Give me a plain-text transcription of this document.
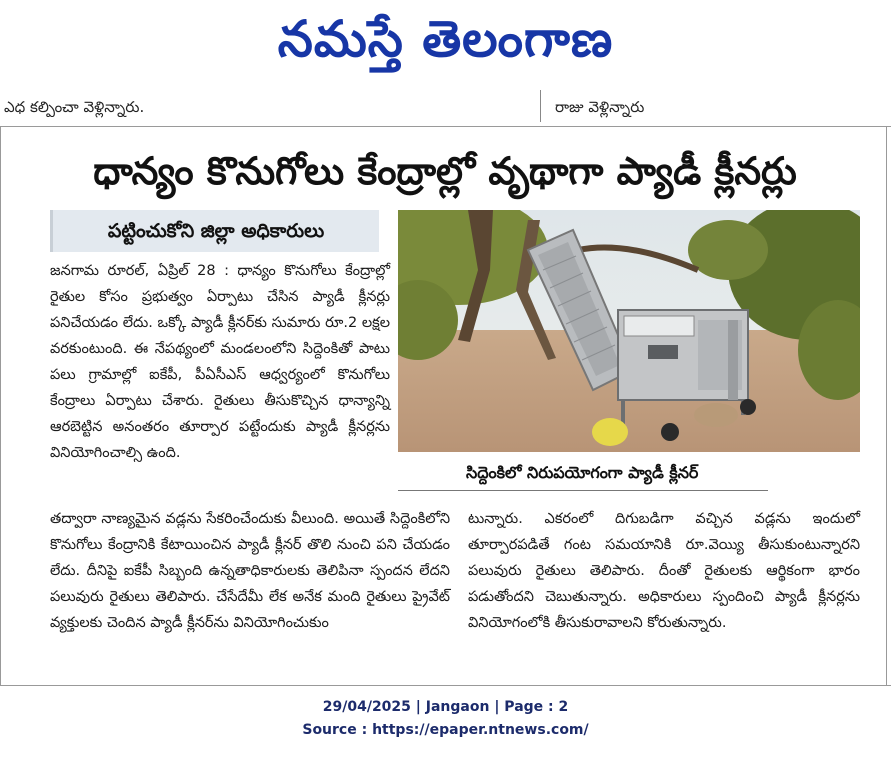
నమస్తే తెలంగాణ
ఎధ కల్పించా వెళ్లిన్నారు.	రాజు వెళ్లిన్నారు
ధాన్యం కొనుగోలు కేంద్రాల్లో వృథాగా ప్యాడీ క్లీనర్లు
పట్టించుకోని జిల్లా అధికారులు

జనగామ రూరల్, ఏప్రిల్ 28 : ధాన్యం కొనుగోలు కేంద్రాల్లో రైతుల కోసం ప్రభుత్వం ఏర్పాటు చేసిన ప్యాడీ క్లీనర్లు పనిచేయడం లేదు. ఒక్కో ప్యాడీ క్లీనర్‌కు సుమారు రూ.2 లక్షల వరకుంటుంది. ఈ నేపథ్యంలో మండలంలోని సిద్దెంకితో పాటు పలు గ్రామాల్లో ఐకేపీ, పీఏసీఎస్ ఆధ్వర్యంలో కొనుగోలు కేంద్రాలు ఏర్పాటు చేశారు. రైతులు తీసుకొచ్చిన ధాన్యాన్ని ఆరబెట్టిన అనంతరం తూర్పార పట్టేందుకు ప్యాడీ క్లీనర్లను వినియోగించాల్సి ఉంది.

సిద్దెంకిలో నిరుపయోగంగా ప్యాడీ క్లీనర్

తద్వారా నాణ్యమైన వడ్లను సేకరించేందుకు వీలుంది. అయితే సిద్దెంకిలోని కొనుగోలు కేంద్రానికి కేటాయించిన ప్యాడీ క్లీనర్ తొలి నుంచి పని చేయడం లేదు. దీనిపై ఐకేపీ సిబ్బంది ఉన్నతాధికారులకు తెలిపినా స్పందన లేదని పలువురు రైతులు తెలిపారు. చేసేదేమీ లేక అనేక మంది రైతులు ప్రైవేట్ వ్యక్తులకు చెందిన ప్యాడీ క్లీనర్‌ను వినియోగించుకుం

టున్నారు. ఎకరంలో దిగుబడిగా వచ్చిన వడ్లను ఇందులో తూర్పారపడితే గంట సమయానికి రూ.వెయ్యి తీసుకుంటున్నారని పలువురు రైతులు తెలిపారు. దీంతో రైతులకు ఆర్థికంగా భారం పడుతోందని చెబుతున్నారు. అధికారులు స్పందించి ప్యాడీ క్లీనర్లను వినియోగంలోకి తీసుకురావాలని కోరుతున్నారు.

29/04/2025 | Jangaon | Page : 2
Source : https://epaper.ntnews.com/
